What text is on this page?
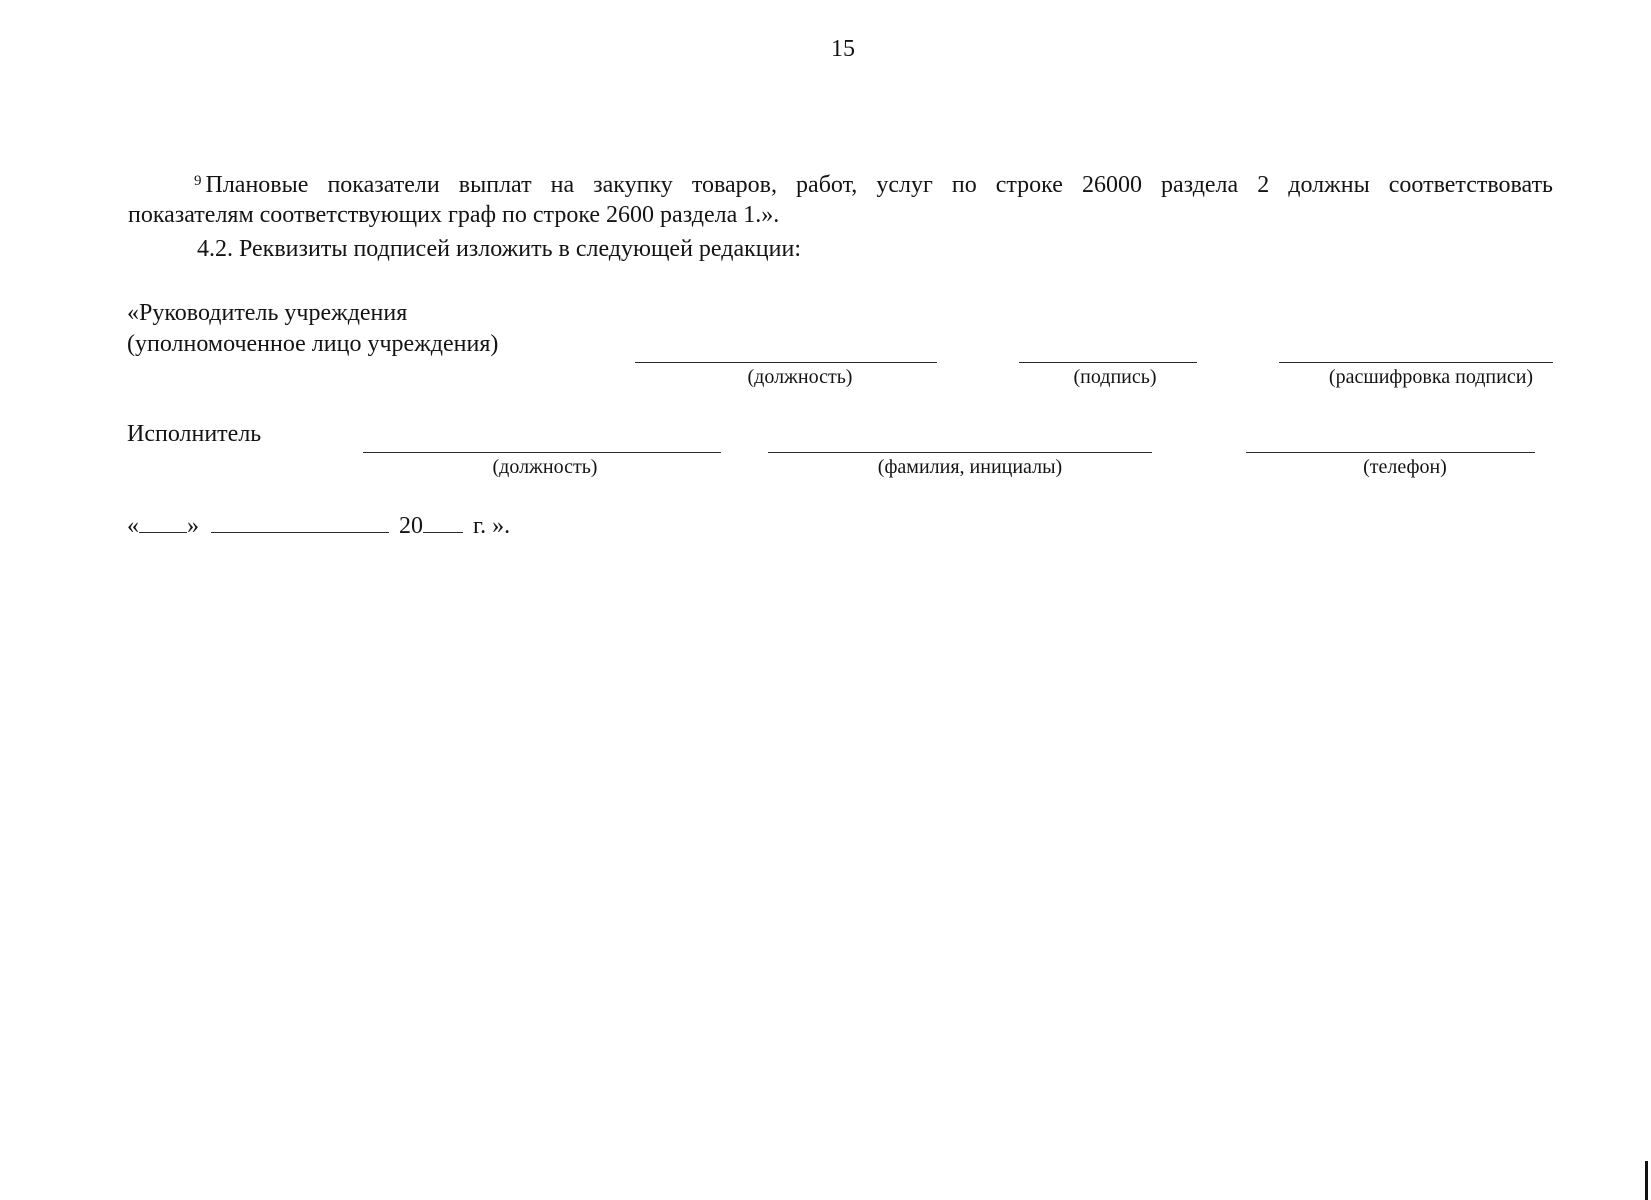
15
$^9$ Плановые показатели выплат на закупку товаров, работ, услуг по строке 26000 раздела 2 должны соответствовать
показателям соответствующих граф по строке 2600 раздела 1.».
4.2. Реквизиты подписей изложить в следующей редакции:
«Руководитель учреждения
(уполномоченное лицо учреждения)
(должность)	(подпись)	(расшифровка подписи)
Исполнитель
(должность)	(фамилия, инициалы)	(телефон)
« »	20 г. ».
